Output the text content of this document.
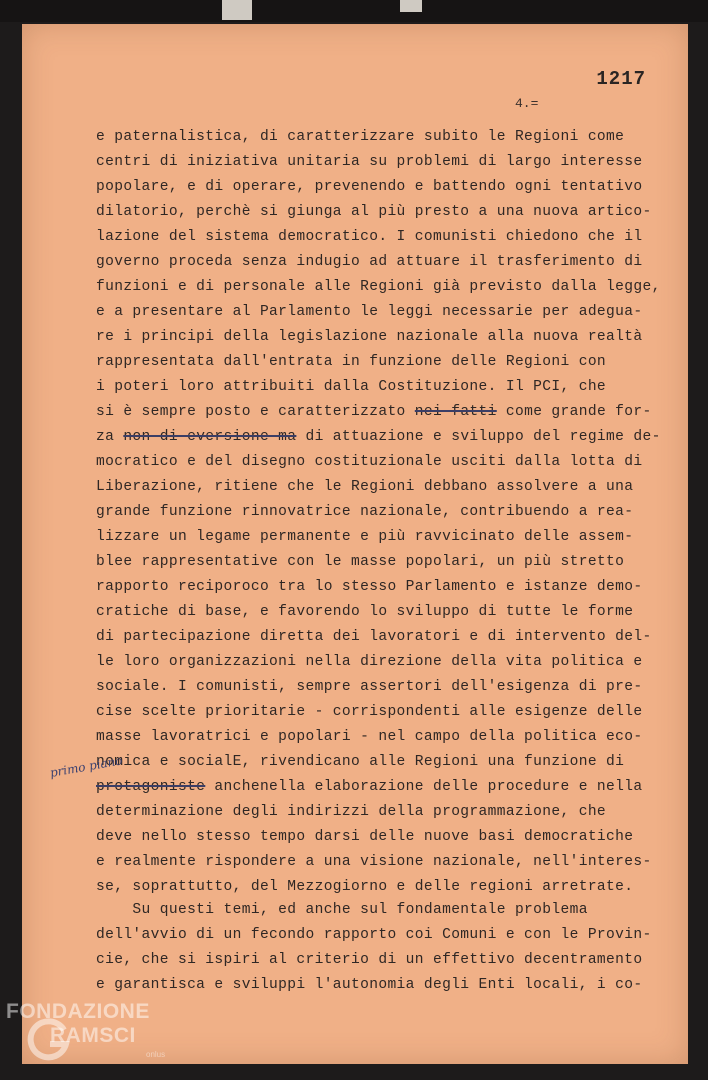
1217
4.=
e paternalistica, di caratterizzare subito le Regioni come
centri di iniziativa unitaria su problemi di largo interesse
popolare, e di operare, prevenendo e battendo ogni tentativo
dilatorio, perchè si giunga al più presto a una nuova artico-
lazione del sistema democratico. I comunisti chiedono che il
governo proceda senza indugio ad attuare il trasferimento di
funzioni e di personale alle Regioni già previsto dalla legge,
e a presentare al Parlamento le leggi necessarie per adegua-
re i principi della legislazione nazionale alla nuova realtà
rappresentata dall'entrata in funzione delle Regioni con
i poteri loro attribuiti dalla Costituzione. Il PCI, che
si è sempre posto e caratterizzato nei fatti come grande for-
za non di eversione ma di attuazione e sviluppo del regime de-
mocratico e del disegno costituzionale usciti dalla lotta di
Liberazione, ritiene che le Regioni debbano assolvere a una
grande funzione rinnovatrice nazionale, contribuendo a rea-
lizzare un legame permanente e più ravvicinato delle assem-
blee rappresentative con le masse popolari, un più stretto
rapporto reciporoco tra lo stesso Parlamento e istanze demo-
cratiche di base, e favorendo lo sviluppo di tutte le forme
di partecipazione diretta dei lavoratori e di intervento del-
le loro organizzazioni nella direzione della vita politica e
sociale. I comunisti, sempre assertori dell'esigenza di pre-
cise scelte prioritarie - corrispondenti alle esigenze delle
masse lavoratrici e popolari - nel campo della politica eco-
nomica e socialE, rivendicano alle Regioni una funzione di
protagoniste anchenella elaborazione delle procedure e nella
determinazione degli indirizzi della programmazione, che
deve nello stesso tempo darsi delle nuove basi democratiche
e realmente rispondere a una visione nazionale, nell'interes-
se, soprattutto, del Mezzogiorno e delle regioni arretrate.
Su questi temi, ed anche sul fondamentale problema
dell'avvio di un fecondo rapporto coi Comuni e con le Provin-
cie, che si ispiri al criterio di un effettivo decentramento
e garantisca e sviluppi l'autonomia degli Enti locali, i co-
primo piano
FONDAZIONE
RAMSCI
onlus
